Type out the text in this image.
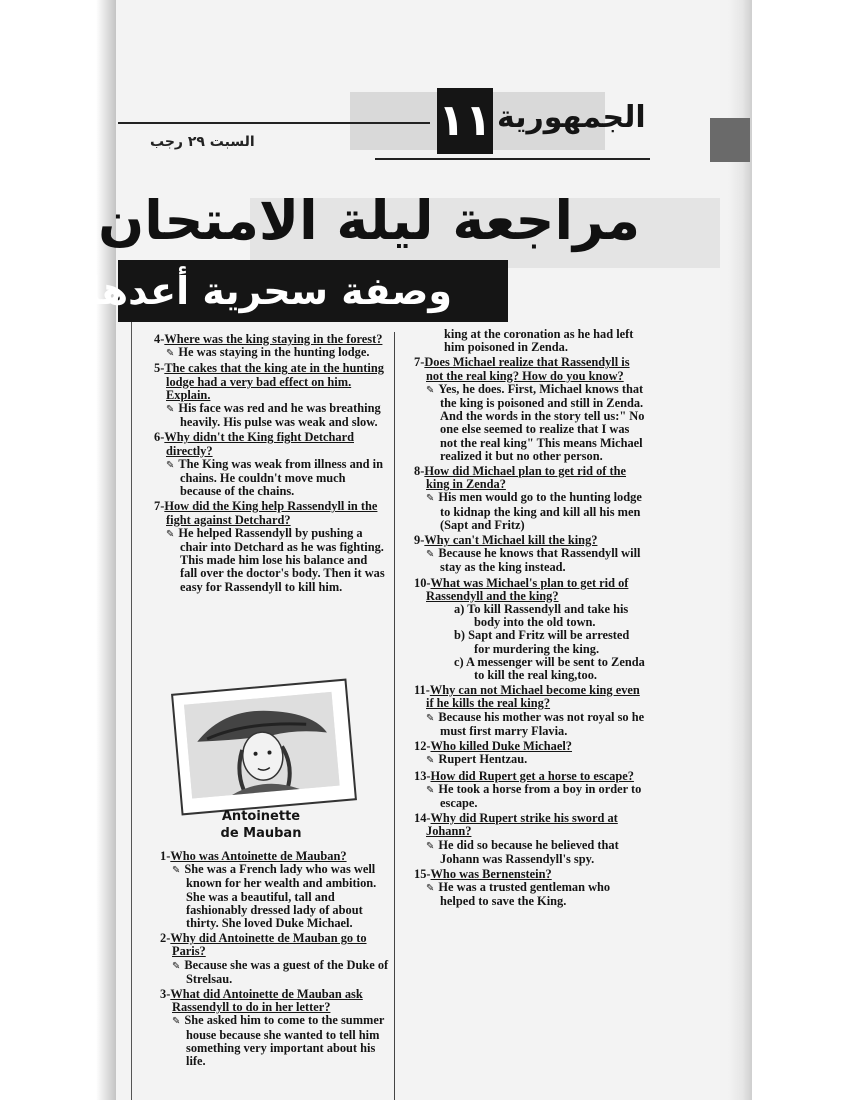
١١ الجمهورية
السبت ٢٩ رجب
مراجعة ليلة الامتحان
وصفة سحرية أعدها ال
4-Where was the king staying in the forest?
✎ He was staying in the hunting lodge.
5-The cakes that the king ate in the hunting lodge had a very bad effect on him. Explain.
✎ His face was red and he was breathing heavily. His pulse was weak and slow.
6-Why didn't the King fight Detchard directly?
✎ The King was weak from illness and in chains. He couldn't move much because of the chains.
7-How did the King help Rassendyll in the fight against Detchard?
✎ He helped Rassendyll by pushing a chair into Detchard as he was fighting. This made him lose his balance and fall over the doctor's body. Then it was easy for Rassendyll to kill him.
Antoinette
de Mauban
1-Who was Antoinette de Mauban?
✎ She was a French lady who was well known for her wealth and ambition. She was a beautiful, tall and fashionably dressed lady of about thirty. She loved Duke Michael.
2-Why did Antoinette de Mauban go to Paris?
✎ Because she was a guest of the Duke of Strelsau.
3-What did Antoinette de Mauban ask Rassendyll to do in her letter?
✎ She asked him to come to the summer house because she wanted to tell him something very important about his life.
king at the coronation as he had left him poisoned in Zenda.
7-Does Michael realize that Rassendyll is not the real king? How do you know?
✎ Yes, he does. First, Michael knows that the king is poisoned and still in Zenda. And the words in the story tell us:" No one else seemed to realize that I was not the real king" This means Michael realized it but no other person.
8-How did Michael plan to get rid of the king in Zenda?
✎ His men would go to the hunting lodge to kidnap the king and kill all his men (Sapt and Fritz)
9-Why can't Michael kill the king?
✎ Because he knows that Rassendyll will stay as the king instead.
10-What was Michael's plan to get rid of Rassendyll and the king?
a) To kill Rassendyll and take his body into the old town.
b) Sapt and Fritz will be arrested for murdering the king.
c) A messenger will be sent to Zenda to kill the real king,too.
11-Why can not Michael become king even if he kills the real king?
✎ Because his mother was not royal so he must first marry Flavia.
12-Who killed Duke Michael?
✎ Rupert Hentzau.
13-How did Rupert get a horse to escape?
✎ He took a horse from a boy in order to escape.
14-Why did Rupert strike his sword at Johann?
✎ He did so because he believed that Johann was Rassendyll's spy.
15-Who was Bernenstein?
✎ He was a trusted gentleman who helped to save the King.
